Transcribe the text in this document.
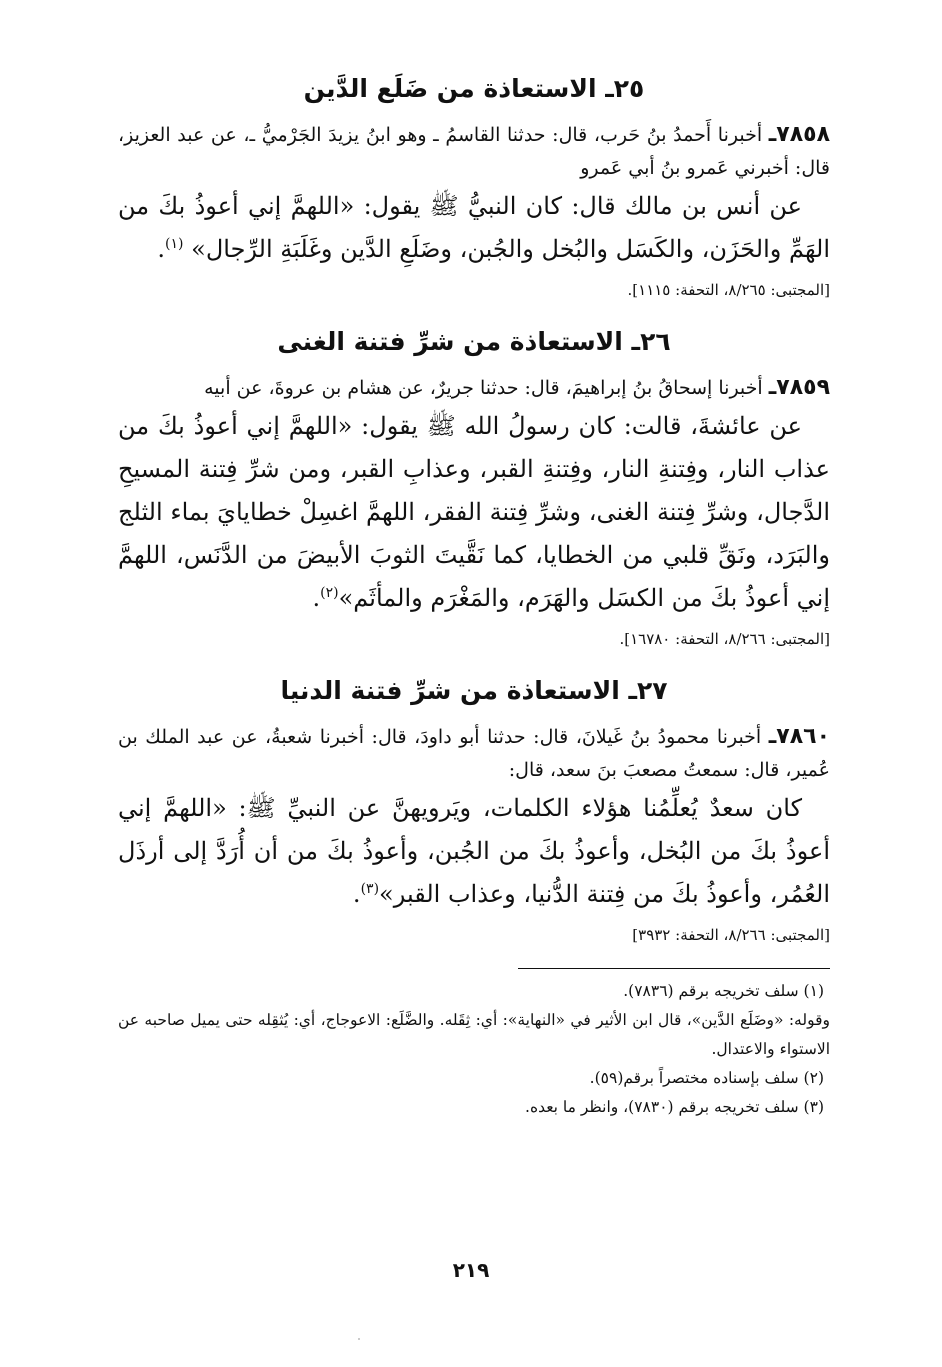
٢٥ـ الاستعاذة من ضَلَع الدَّين

٧٨٥٨ـ أخبرنا أَحمدُ بنُ حَرب، قال: حدثنا القاسمُ ـ وهو ابنُ يزيدَ الجَرْميُّ ـ، عن عبد العزيز، قال: أخبرني عَمرو بنُ أبي عَمرو

عن أنس بن مالك قال: كان النبيُّ ﷺ يقول: «اللهمَّ إني أعوذُ بكَ من الهَمِّ والحَزَن، والكَسَل والبُخل والجُبن، وضَلَعِ الدَّين وغَلَبَةِ الرِّجال» $^{(١)}$.

[المجتبى: ٨/٢٦٥، التحفة: ١١١٥].

٢٦ـ الاستعاذة من شرِّ فتنة الغنى

٧٨٥٩ـ أخبرنا إسحاقُ بنُ إبراهيمَ، قال: حدثنا جريرٌ، عن هشام بن عروةَ، عن أبيه

عن عائشةَ، قالت: كان رسولُ الله ﷺ يقول: «اللهمَّ إني أعوذُ بكَ من عذاب النار، وفِتنةِ النار، وفِتنةِ القبر، وعذابِ القبر، ومن شرِّ فِتنة المسيحِ الدَّجال، وشرِّ فِتنة الغنى، وشرِّ فِتنة الفقر، اللهمَّ اغسِلْ خطايايَ بماء الثلج والبَرَد، ونَقِّ قلبي من الخطايا، كما نَقَّيتَ الثوبَ الأبيضَ من الدَّنَس، اللهمَّ إني أعوذُ بكَ من الكسَل والهَرَم، والمَغْرَم والمأثَم»$^{(٢)}$.

[المجتبى: ٨/٢٦٦، التحفة: ١٦٧٨٠].

٢٧ـ الاستعاذة من شرِّ فتنة الدنيا

٧٨٦٠ـ أخبرنا محمودُ بنُ غَيلانَ، قال: حدثنا أبو داودَ، قال: أخبرنا شعبةُ، عن عبد الملك بن عُمير، قال: سمعتُ مصعبَ بنَ سعد، قال:

كان سعدٌ يُعلِّمُنا هؤلاء الكلمات، ويَرويهنَّ عن النبيِّ ﷺ: «اللهمَّ إني أعوذُ بكَ من البُخل، وأعوذُ بكَ من الجُبن، وأعوذُ بكَ من أن أُرَدَّ إلى أرذَل العُمُر، وأعوذُ بكَ من فِتنة الدُّنيا، وعذاب القبر»$^{(٣)}$.

[المجتبى: ٨/٢٦٦، التحفة: ٣٩٣٢]

(١) سلف تخريجه برقم (٧٨٣٦).

وقوله: «وضَلَع الدَّين»، قال ابن الأثير في «النهاية»: أي: ثِقَله. والضَّلَع: الاعوجاج، أي: يُثقِله حتى يميل صاحبه عن الاستواء والاعتدال.

(٢) سلف بإسناده مختصراً برقم(٥٩).

(٣) سلف تخريجه برقم (٧٨٣٠)، وانظر ما بعده.

٢١٩
